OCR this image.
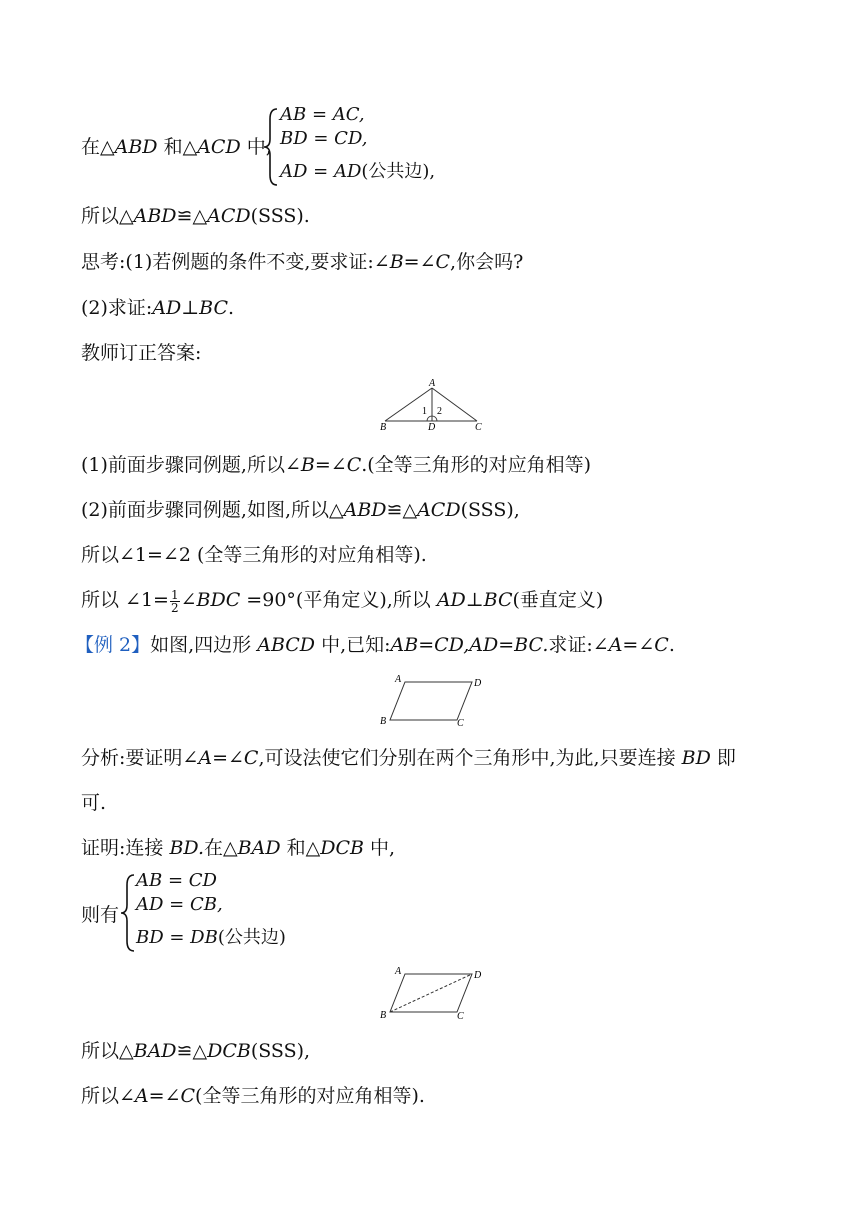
在△ABD 和△ACD 中,
AB = AC,
BD = CD,
AD = AD(公共边),
所以△ABD≌△ACD(SSS).
思考:(1)若例题的条件不变,要求证:∠B=∠C,你会吗?
(2)求证:AD⊥BC.
教师订正答案:
A
B	D	C
1 2
(1)前面步骤同例题,所以∠B=∠C.(全等三角形的对应角相等)
(2)前面步骤同例题,如图,所以△ABD≌△ACD(SSS),
所以∠1=∠2 (全等三角形的对应角相等).
所以 ∠1= $\frac{1}{2}$ ∠BDC =90°(平角定义),所以 AD⊥BC(垂直定义)
【例 2】如图,四边形 ABCD 中,已知:AB=CD,AD=BC.求证:∠A=∠C.
A	D
B	C
分析:要证明∠A=∠C,可设法使它们分别在两个三角形中,为此,只要连接 BD 即
可.
证明:连接 BD.在△BAD 和△DCB 中,
则有
AB = CD
AD = CB,
BD = DB(公共边)
A	D
B	C
所以△BAD≌△DCB(SSS),
所以∠A=∠C(全等三角形的对应角相等).
